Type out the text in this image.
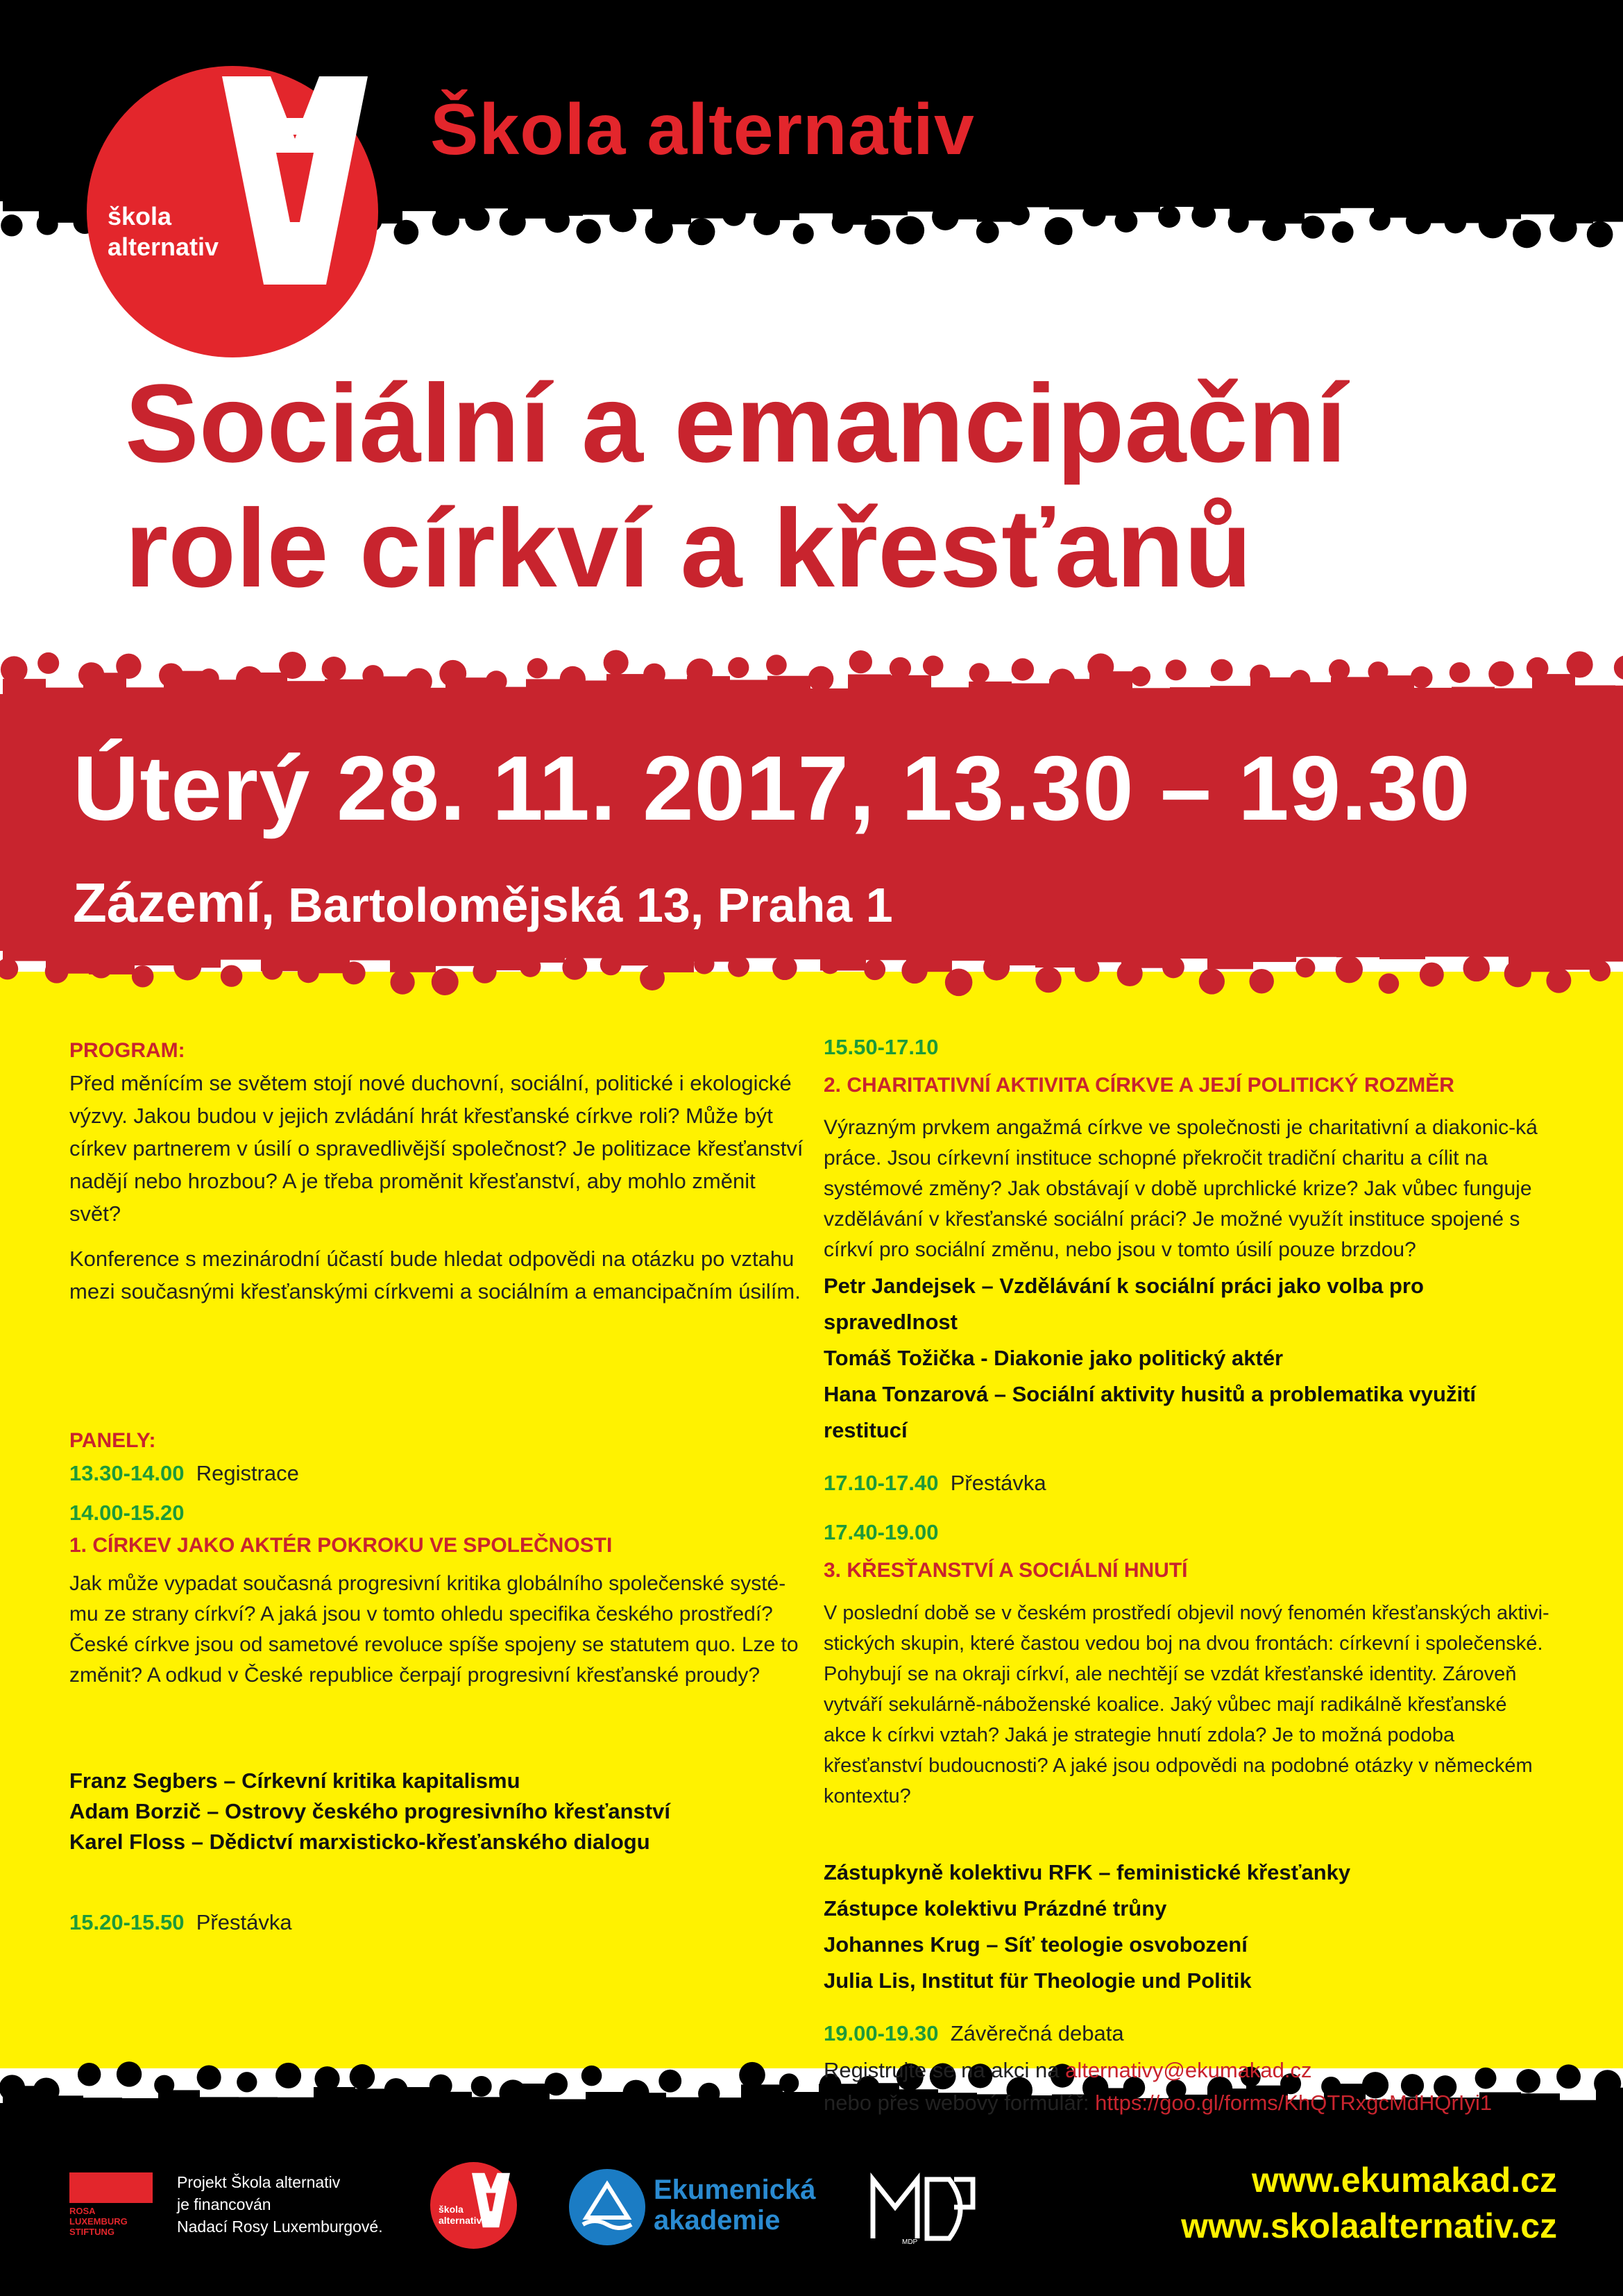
škola
alternativ
Škola alternativ
Sociální a emancipační
role církví a křesťanů
Úterý 28. 11. 2017, 13.30 – 19.30
Zázemí, Bartolomějská 13, Praha 1
PROGRAM:

Před měnícím se světem stojí nové duchovní, sociální, politické i ekologické výzvy. Jakou budou v jejich zvládání hrát křesťanské církve roli? Může být církev partnerem v úsilí o spravedlivější společnost? Je politizace křesťanství nadějí nebo hrozbou? A je třeba proměnit křesťanství, aby mohlo změnit svět?

Konference s mezinárodní účastí bude hledat odpovědi na otázku po vztahu mezi současnými křesťanskými církvemi a sociálním a emancipačním úsilím.

PANELY:
13.30-14.00 Registrace
14.00-15.20
1. CÍRKEV JAKO AKTÉR POKROKU VE SPOLEČNOSTI

Jak může vypadat současná progresivní kritika globálního společenské systé-mu ze strany církví? A jaká jsou v tomto ohledu specifika českého prostředí? České církve jsou od sametové revoluce spíše spojeny se statutem quo. Lze to změnit? A odkud v České republice čerpají progresivní křesťanské proudy?

Franz Segbers – Církevní kritika kapitalismu
Adam Borzič – Ostrovy českého progresivního křesťanství
Karel Floss – Dědictví marxisticko-křesťanského dialogu
15.20-15.50 Přestávka
15.50-17.10
2. CHARITATIVNÍ AKTIVITA CÍRKVE A JEJÍ POLITICKÝ ROZMĚR

Výrazným prvkem angažmá církve ve společnosti je charitativní a diakonic-ká práce. Jsou církevní instituce schopné překročit tradiční charitu a cílit na systémové změny? Jak obstávají v době uprchlické krize? Jak vůbec funguje vzdělávání v křesťanské sociální práci? Je možné využít instituce spojené s církví pro sociální změnu, nebo jsou v tomto úsilí pouze brzdou?

Petr Jandejsek – Vzdělávání k sociální práci jako volba pro spravedlnost
Tomáš Tožička - Diakonie jako politický aktér
Hana Tonzarová – Sociální aktivity husitů a problematika využití restitucí
17.10-17.40 Přestávka
17.40-19.00
3. KŘESŤANSTVÍ A SOCIÁLNÍ HNUTÍ

V poslední době se v českém prostředí objevil nový fenomén křesťanských aktivi-stických skupin, které častou vedou boj na dvou frontách: církevní i společenské. Pohybují se na okraji církví, ale nechtějí se vzdát křesťanské identity. Zároveň vytváří sekulárně-náboženské koalice. Jaký vůbec mají radikálně křesťanské akce k církvi vztah? Jaká je strategie hnutí zdola? Je to možná podoba křesťanství budoucnosti? A jaké jsou odpovědi na podobné otázky v německém kontextu?

Zástupkyně kolektivu RFK – feministické křesťanky
Zástupce kolektivu Prázdné trůny
Johannes Krug – Síť teologie osvobození
Julia Lis, Institut für Theologie und Politik
19.00-19.30 Závěrečná debata
Registrujte se na akci na alternativy@ekumakad.cz
nebo přes webový formulář: https://goo.gl/forms/KhQTRxgcMdHQrIyi1
ROSA LUXEMBURG STIFTUNG
Projekt Škola alternativ
je financován
Nadací Rosy Luxemburgové.
škola
alternativ
Ekumenická
akademie
MDP
www.ekumakad.cz
www.skolaalternativ.cz
